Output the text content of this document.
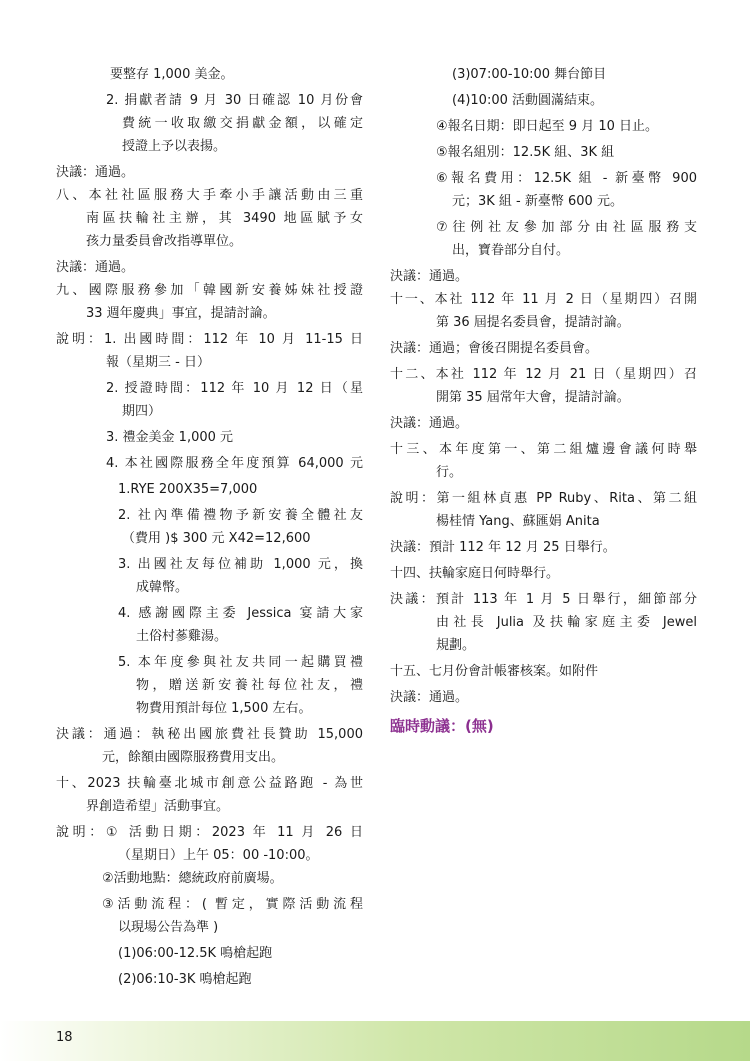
要整存 1,000 美金。
2. 捐獻者請 9 月 30 日確認 10 月份會
費統一收取繳交捐獻金額，以確定
授證上予以表揚。
決議：通過。
八、本社社區服務大手牽小手讓活動由三重
南區扶輪社主辦，其 3490 地區賦予女
孩力量委員會改指導單位。
決議：通過。
九、國際服務參加「韓國新安養姊妹社授證
33 週年慶典」事宜，提請討論。
說明：1. 出國時間：112 年 10 月 11-15 日
報（星期三 - 日）
2. 授證時間：112 年 10 月 12 日（星
期四）
3. 禮金美金 1,000 元
4. 本社國際服務全年度預算 64,000 元
1.RYE 200X35=7,000
2. 社內準備禮物予新安養全體社友
（費用 )$ 300 元 X42=12,600
3. 出國社友每位補助 1,000 元，換
成韓幣。
4. 感謝國際主委 Jessica 宴請大家
土俗村蔘雞湯。
5. 本年度參與社友共同一起購買禮
物，贈送新安養社每位社友，禮
物費用預計每位 1,500 左右。
決議：通過：執秘出國旅費社長贊助 15,000
元，餘額由國際服務費用支出。
十、2023 扶輪臺北城市創意公益路跑 - 為世
界創造希望」活動事宜。
說明：① 活動日期：2023 年 11 月 26 日
（星期日）上午 05：00 -10:00。
②活動地點：總統政府前廣場。
③活動流程：( 暫定，實際活動流程
以現場公告為準 )
(1)06:00-12.5K 鳴槍起跑
(2)06:10-3K 鳴槍起跑
(3)07:00-10:00 舞台節目
(4)10:00 活動圓滿結束。
④報名日期：即日起至 9 月 10 日止。
⑤報名組別：12.5K 組、3K 組
⑥報名費用：12.5K 組 - 新臺幣 900
元；3K 組 - 新臺幣 600 元。
⑦往例社友參加部分由社區服務支
出，寶眷部分自付。
決議：通過。
十一、本社 112 年 11 月 2 日（星期四）召開
第 36 屆提名委員會，提請討論。
決議：通過；會後召開提名委員會。
十二、本社 112 年 12 月 21 日（星期四）召
開第 35 屆常年大會，提請討論。
決議：通過。
十三、本年度第一、第二組爐邊會議何時舉
行。
說明：第一組林貞惠 PP Ruby、Rita、第二組
楊桂情 Yang、蘇匯娟 Anita
決議：預計 112 年 12 月 25 日舉行。
十四、扶輪家庭日何時舉行。
決議：預計 113 年 1 月 5 日舉行，細節部分
由社長 Julia 及扶輪家庭主委 Jewel
規劃。
十五、七月份會計帳審核案。如附件
決議：通過。
臨時動議：(無)
18
